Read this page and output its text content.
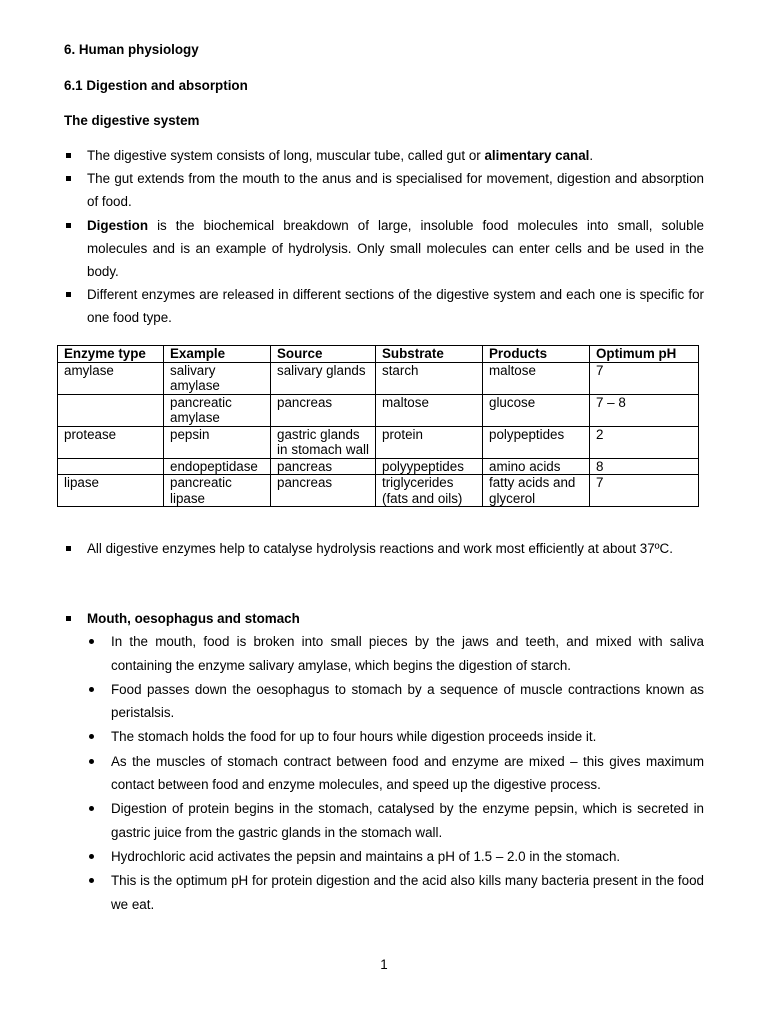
6. Human physiology
6.1 Digestion and absorption
The digestive system
The digestive system consists of long, muscular tube, called gut or alimentary canal.
The gut extends from the mouth to the anus and is specialised for movement, digestion and absorption of food.
Digestion is the biochemical breakdown of large, insoluble food molecules into small, soluble molecules and is an example of hydrolysis. Only small molecules can enter cells and be used in the body.
Different enzymes are released in different sections of the digestive system and each one is specific for one food type.
Enzyme type	Example	Source	Substrate	Products	Optimum pH
amylase	salivary amylase	salivary glands	starch	maltose	7
	pancreatic amylase	pancreas	maltose	glucose	7 – 8
protease	pepsin	gastric glands in stomach wall	protein	polypeptides	2
	endopeptidase	pancreas	polyypeptides	amino acids	8
lipase	pancreatic lipase	pancreas	triglycerides (fats and oils)	fatty acids and glycerol	7
All digestive enzymes help to catalyse hydrolysis reactions and work most efficiently at about 37ºC.
Mouth, oesophagus and stomach
In the mouth, food is broken into small pieces by the jaws and teeth, and mixed with saliva containing the enzyme salivary amylase, which begins the digestion of starch.
Food passes down the oesophagus to stomach by a sequence of muscle contractions known as peristalsis.
The stomach holds the food for up to four hours while digestion proceeds inside it.
As the muscles of stomach contract between food and enzyme are mixed – this gives maximum contact between food and enzyme molecules, and speed up the digestive process.
Digestion of protein begins in the stomach, catalysed by the enzyme pepsin, which is secreted in gastric juice from the gastric glands in the stomach wall.
Hydrochloric acid activates the pepsin and maintains a pH of 1.5 – 2.0 in the stomach.
This is the optimum pH for protein digestion and the acid also kills many bacteria present in the food we eat.
1
